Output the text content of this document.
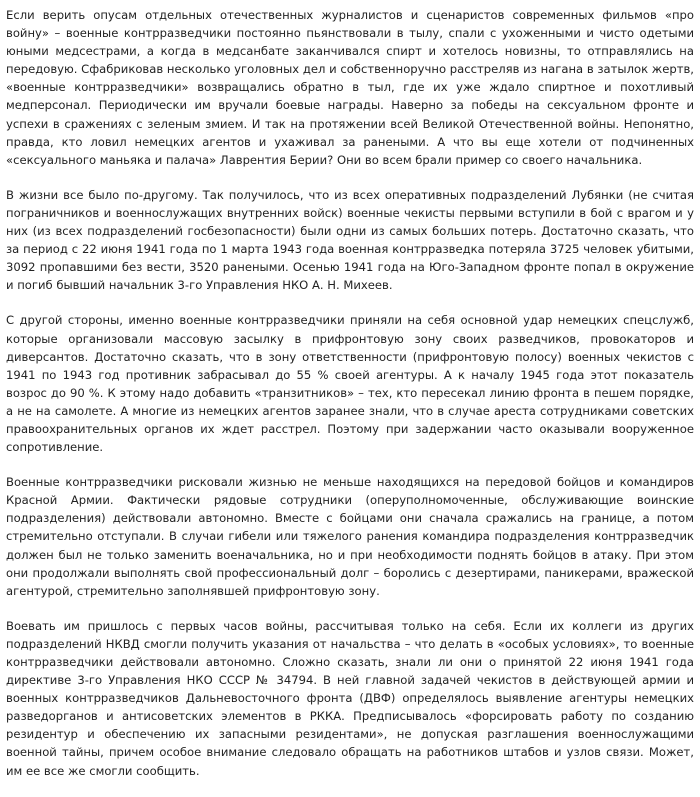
Если верить опусам отдельных отечественных журналистов и сценаристов современных фильмов «про войну» – военные контрразведчики постоянно пьянствовали в тылу, спали с ухоженными и чисто одетыми юными медсестрами, а когда в медсанбате заканчивался спирт и хотелось новизны, то отправлялись на передовую. Сфабриковав несколько уголовных дел и собственноручно расстреляв из нагана в затылок жертв, «военные контрразведчики» возвращались обратно в тыл, где их уже ждало спиртное и похотливый медперсонал. Периодически им вручали боевые награды. Наверно за победы на сексуальном фронте и успехи в сражениях с зеленым змием. И так на протяжении всей Великой Отечественной войны. Непонятно, правда, кто ловил немецких агентов и ухаживал за ранеными. А что вы еще хотели от подчиненных «сексуального маньяка и палача» Лаврентия Берии? Они во всем брали пример со своего начальника.

В жизни все было по-другому. Так получилось, что из всех оперативных подразделений Лубянки (не считая пограничников и военнослужащих внутренних войск) военные чекисты первыми вступили в бой с врагом и у них (из всех подразделений госбезопасности) были одни из самых больших потерь. Достаточно сказать, что за период с 22 июня 1941 года по 1 марта 1943 года военная контрразведка потеряла 3725 человек убитыми, 3092 пропавшими без вести, 3520 ранеными. Осенью 1941 года на Юго-Западном фронте попал в окружение и погиб бывший начальник 3-го Управления НКО А. Н. Михеев.

С другой стороны, именно военные контрразведчики приняли на себя основной удар немецких спецслужб, которые организовали массовую засылку в прифронтовую зону своих разведчиков, провокаторов и диверсантов. Достаточно сказать, что в зону ответственности (прифронтовую полосу) военных чекистов с 1941 по 1943 год противник забрасывал до 55 % своей агентуры. А к началу 1945 года этот показатель возрос до 90 %. К этому надо добавить «транзитников» – тех, кто пересекал линию фронта в пешем порядке, а не на самолете. А многие из немецких агентов заранее знали, что в случае ареста сотрудниками советских правоохранительных органов их ждет расстрел. Поэтому при задержании часто оказывали вооруженное сопротивление.

Военные контрразведчики рисковали жизнью не меньше находящихся на передовой бойцов и командиров Красной Армии. Фактически рядовые сотрудники (оперуполномоченные, обслуживающие воинские подразделения) действовали автономно. Вместе с бойцами они сначала сражались на границе, а потом стремительно отступали. В случаи гибели или тяжелого ранения командира подразделения контрразведчик должен был не только заменить военачальника, но и при необходимости поднять бойцов в атаку. При этом они продолжали выполнять свой профессиональный долг – боролись с дезертирами, паникерами, вражеской агентурой, стремительно заполнявшей прифронтовую зону.

Воевать им пришлось с первых часов войны, рассчитывая только на себя. Если их коллеги из других подразделений НКВД смогли получить указания от начальства – что делать в «особых условиях», то военные контрразведчики действовали автономно. Сложно сказать, знали ли они о принятой 22 июня 1941 года директиве 3-го Управления НКО СССР № 34794. В ней главной задачей чекистов в действующей армии и военных контрразведчиков Дальневосточного фронта (ДВФ) определялось выявление агентуры немецких разведорганов и антисоветских элементов в РККА. Предписывалось «форсировать работу по созданию резидентур и обеспечению их запасными резидентами», не допуская разглашения военнослужащими военной тайны, причем особое внимание следовало обращать на работников штабов и узлов связи. Может, им ее все же смогли сообщить.
